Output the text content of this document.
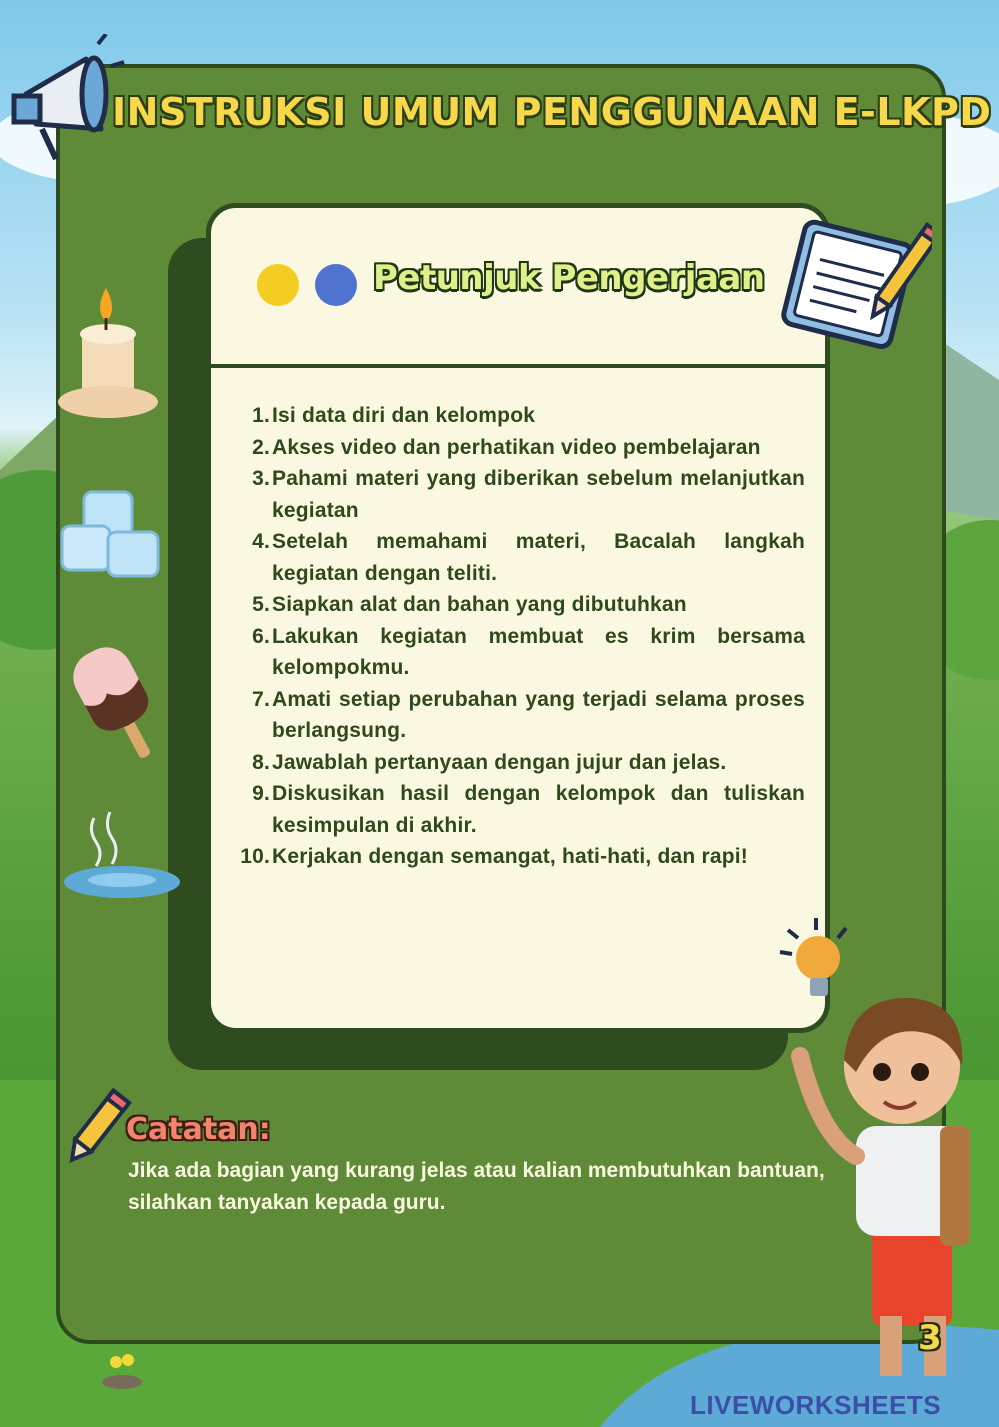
INSTRUKSI UMUM PENGGUNAAN E-LKPD
Petunjuk Pengerjaan
1. Isi data diri dan kelompok
2. Akses video dan perhatikan video pembelajaran
3. Pahami materi yang diberikan sebelum melanjutkan kegiatan
4. Setelah memahami materi, Bacalah langkah kegiatan dengan teliti.
5. Siapkan alat dan bahan yang dibutuhkan
6. Lakukan kegiatan membuat es krim bersama kelompokmu.
7. Amati setiap perubahan yang terjadi selama proses berlangsung.
8. Jawablah pertanyaan dengan jujur dan jelas.
9. Diskusikan hasil dengan kelompok dan tuliskan kesimpulan di akhir.
10. Kerjakan dengan semangat, hati-hati, dan rapi!
Catatan:
Jika ada bagian yang kurang jelas atau kalian membutuhkan bantuan, silahkan tanyakan kepada guru.
3
LIVEWORKSHEETS
